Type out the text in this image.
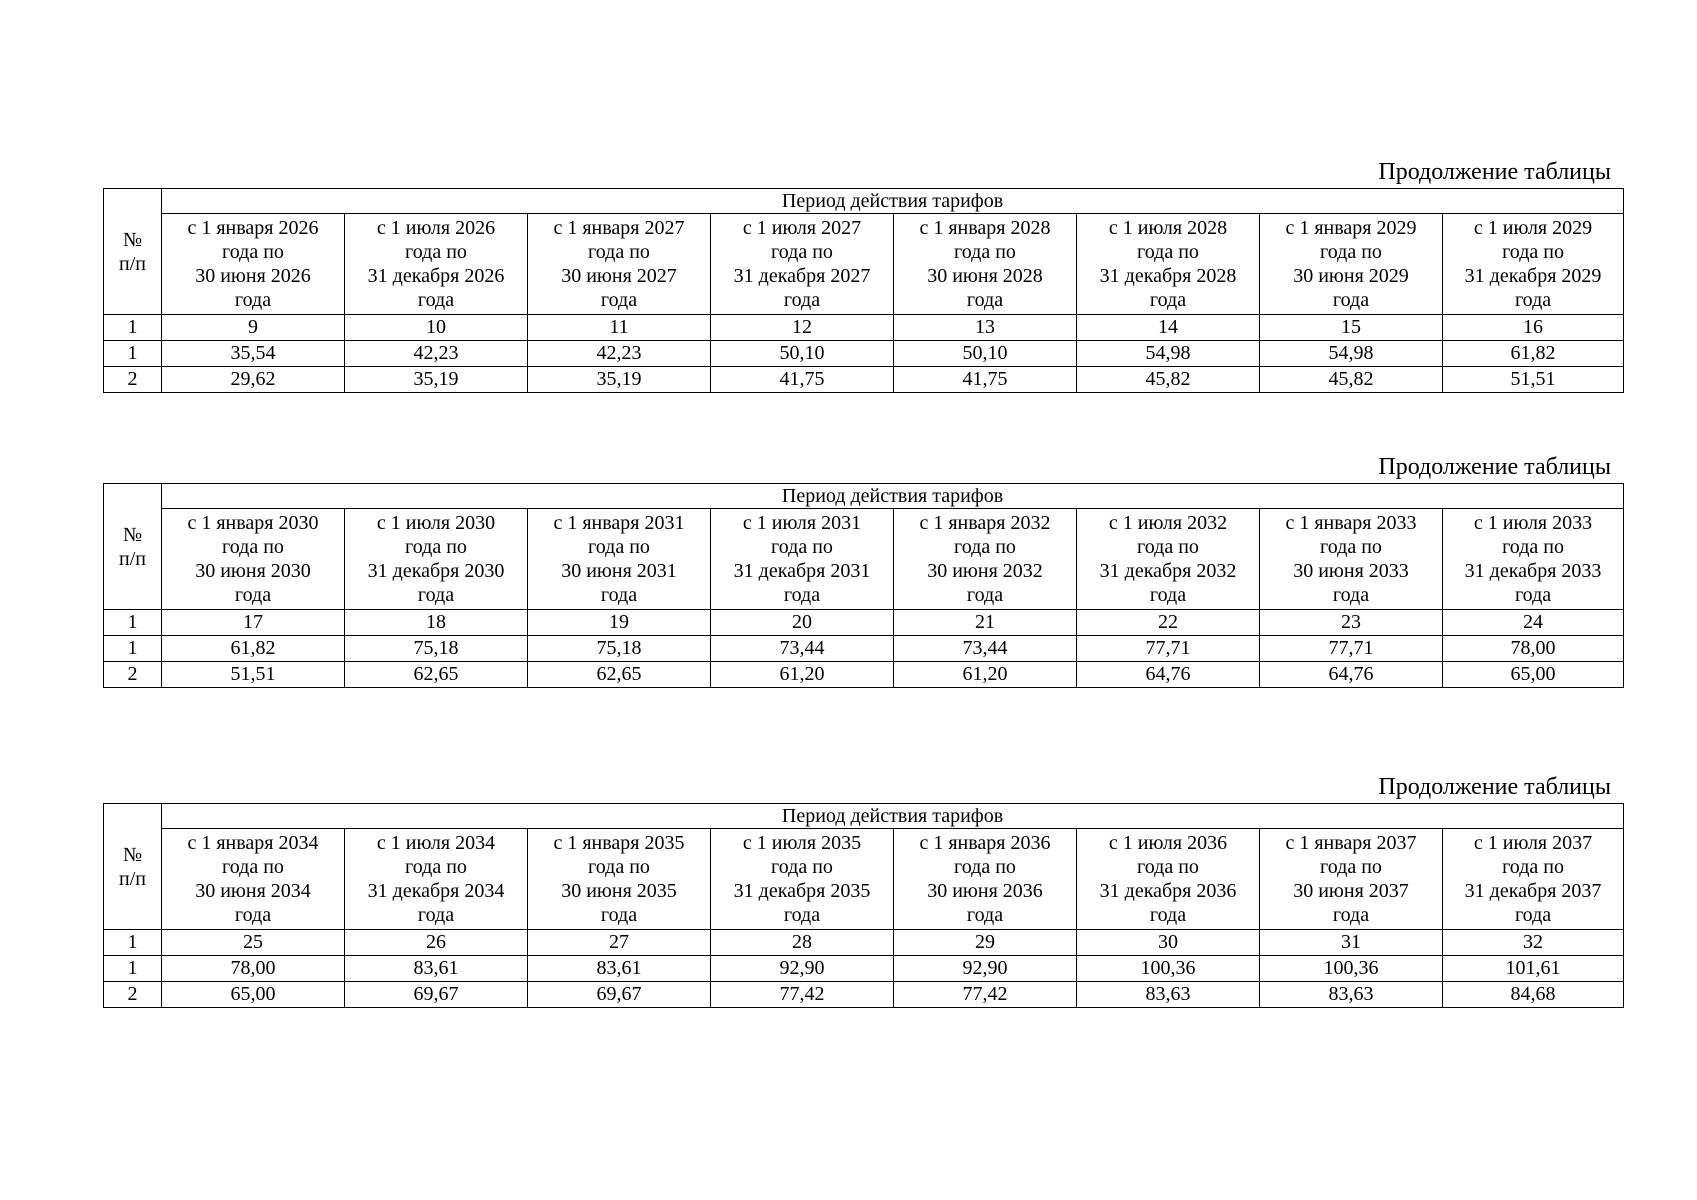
Продолжение таблицы
№
п/п	Период действия тарифов							
	с 1 января 2026
года по
30 июня 2026
года	с 1 июля 2026
года по
31 декабря 2026
года	с 1 января 2027
года по
30 июня 2027
года	с 1 июля 2027
года по
31 декабря 2027
года	с 1 января 2028
года по
30 июня 2028
года	с 1 июля 2028
года по
31 декабря 2028
года	с 1 января 2029
года по
30 июня 2029
года	с 1 июля 2029
года по
31 декабря 2029
года
1	9	10	11	12	13	14	15	16
1	35,54	42,23	42,23	50,10	50,10	54,98	54,98	61,82
2	29,62	35,19	35,19	41,75	41,75	45,82	45,82	51,51
Продолжение таблицы
№
п/п	Период действия тарифов							
	с 1 января 2030
года по
30 июня 2030
года	с 1 июля 2030
года по
31 декабря 2030
года	с 1 января 2031
года по
30 июня 2031
года	с 1 июля 2031
года по
31 декабря 2031
года	с 1 января 2032
года по
30 июня 2032
года	с 1 июля 2032
года по
31 декабря 2032
года	с 1 января 2033
года по
30 июня 2033
года	с 1 июля 2033
года по
31 декабря 2033
года
1	17	18	19	20	21	22	23	24
1	61,82	75,18	75,18	73,44	73,44	77,71	77,71	78,00
2	51,51	62,65	62,65	61,20	61,20	64,76	64,76	65,00
Продолжение таблицы
№
п/п	Период действия тарифов							
	с 1 января 2034
года по
30 июня 2034
года	с 1 июля 2034
года по
31 декабря 2034
года	с 1 января 2035
года по
30 июня 2035
года	с 1 июля 2035
года по
31 декабря 2035
года	с 1 января 2036
года по
30 июня 2036
года	с 1 июля 2036
года по
31 декабря 2036
года	с 1 января 2037
года по
30 июня 2037
года	с 1 июля 2037
года по
31 декабря 2037
года
1	25	26	27	28	29	30	31	32
1	78,00	83,61	83,61	92,90	92,90	100,36	100,36	101,61
2	65,00	69,67	69,67	77,42	77,42	83,63	83,63	84,68
